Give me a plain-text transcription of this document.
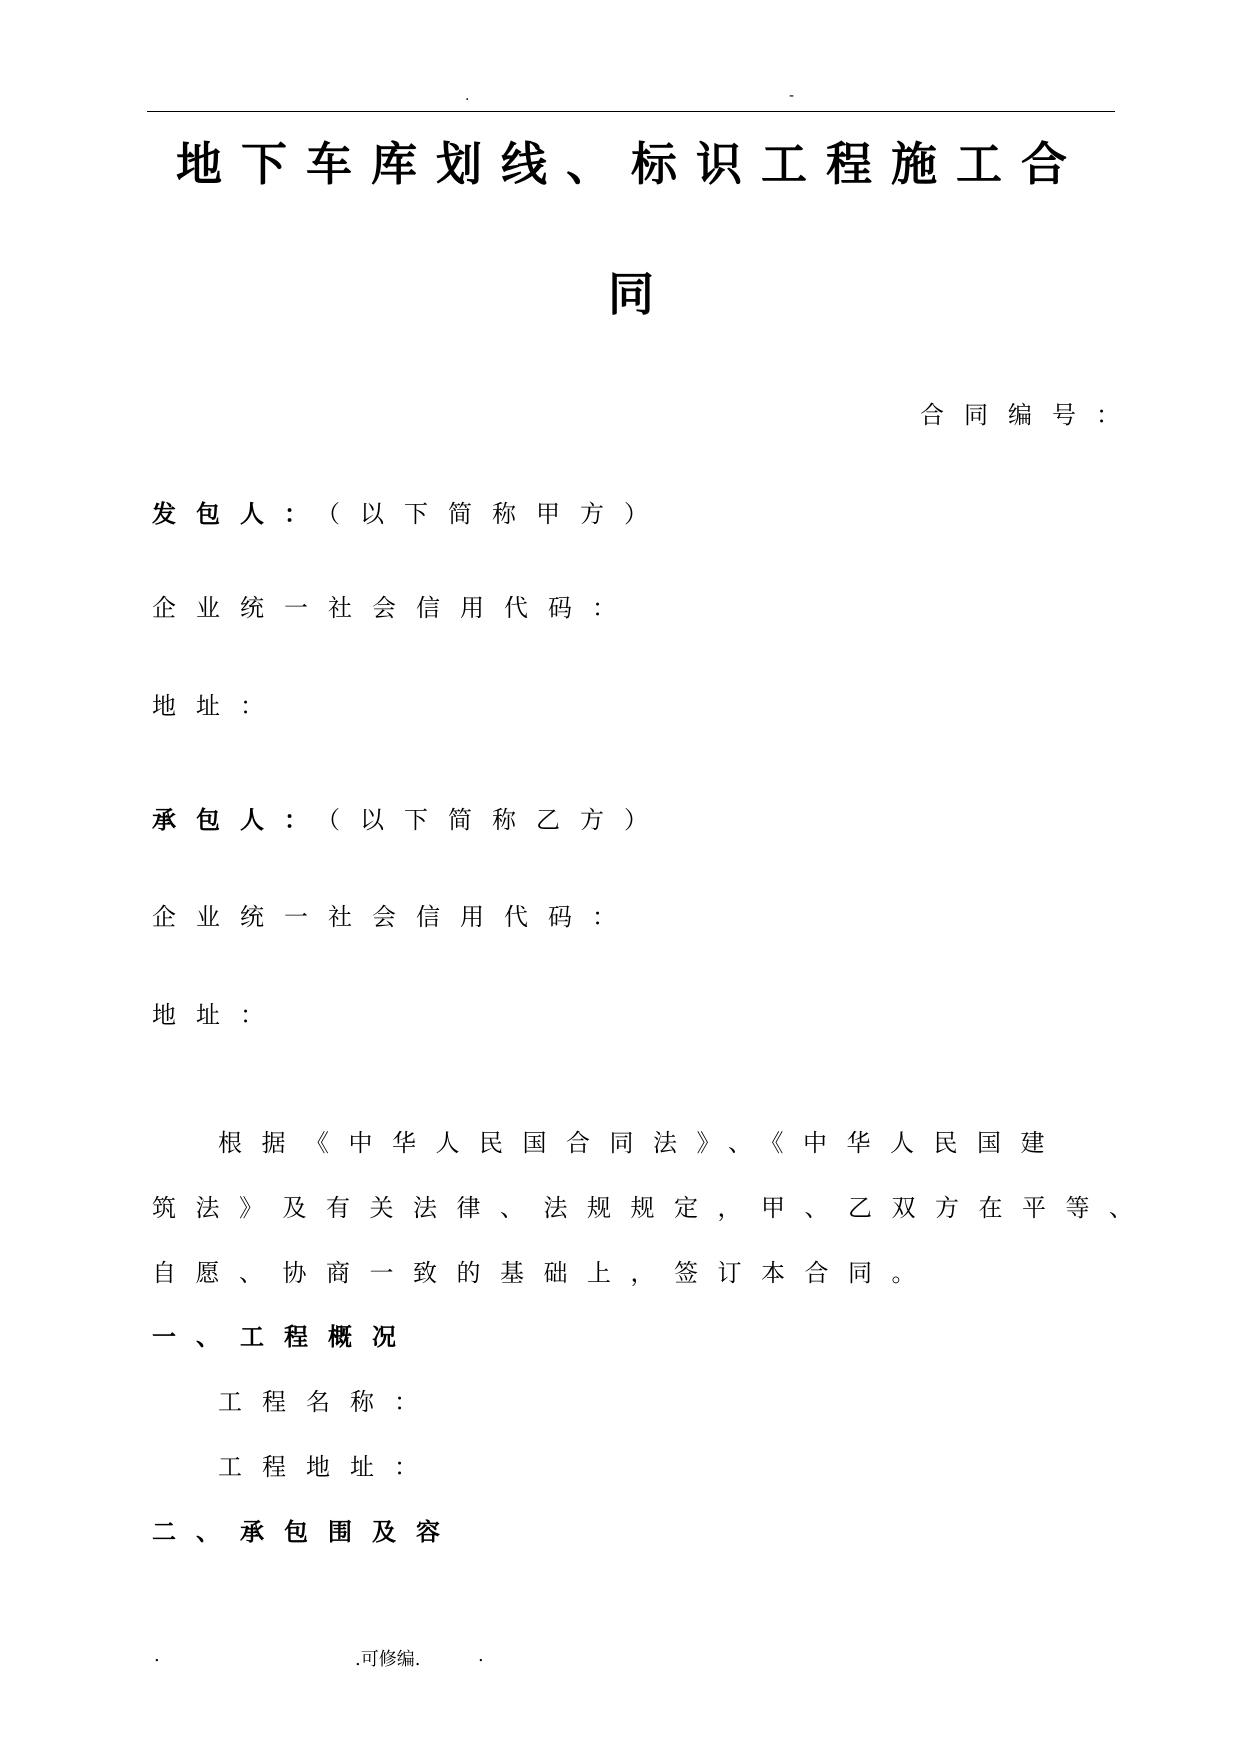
.	-
地下车库划线、标识工程施工合
同
合同编号：
发包人：（以下简称甲方）
企业统一社会信用代码：
地址：
承包人：（以下简称乙方）
企业统一社会信用代码：
地址：
根据《中华人民国合同法》、《中华人民国建
筑法》及有关法律、法规规定，甲、乙双方在平等、
自愿、协商一致的基础上，签订本合同。
一、工程概况
工程名称：
工程地址：
二、承包围及容
.	.可修编.	.
